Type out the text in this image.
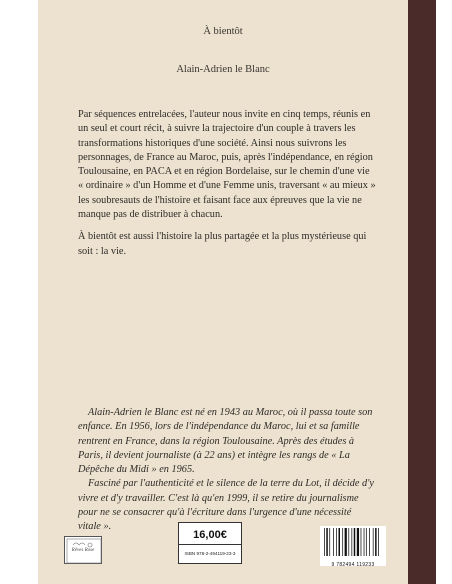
À bientôt
Alain-Adrien le Blanc

Par séquences entrelacées, l'auteur nous invite en cinq temps, réunis en un seul et court récit, à suivre la trajectoire d'un couple à travers les transformations historiques d'une société. Ainsi nous suivrons les personnages, de France au Maroc, puis, après l'indépendance, en région Toulousaine, en PACA et en région Bordelaise, sur le chemin d'une vie « ordinaire » d'un Homme et d'une Femme unis, traversant « au mieux » les soubresauts de l'histoire et faisant face aux épreuves que la vie ne manque pas de distribuer à chacun.

À bientôt est aussi l'histoire la plus partagée et la plus mystérieuse qui soit : la vie.

Alain-Adrien le Blanc est né en 1943 au Maroc, où il passa toute son enfance. En 1956, lors de l'indépendance du Maroc, lui et sa famille rentrent en France, dans la région Toulousaine. Après des études à Paris, il devient journaliste (à 22 ans) et intègre les rangs de « La Dépêche du Midi » en 1965.

Fasciné par l'authenticité et le silence de la terre du Lot, il décide d'y vivre et d'y travailler. C'est là qu'en 1999, il se retire du journalisme pour ne se consacrer qu'à l'écriture dans l'urgence d'une nécessité vitale ».

Rêves Rose
16,00€
ISBN 978-2-494119-23-3
9 782494 119233
